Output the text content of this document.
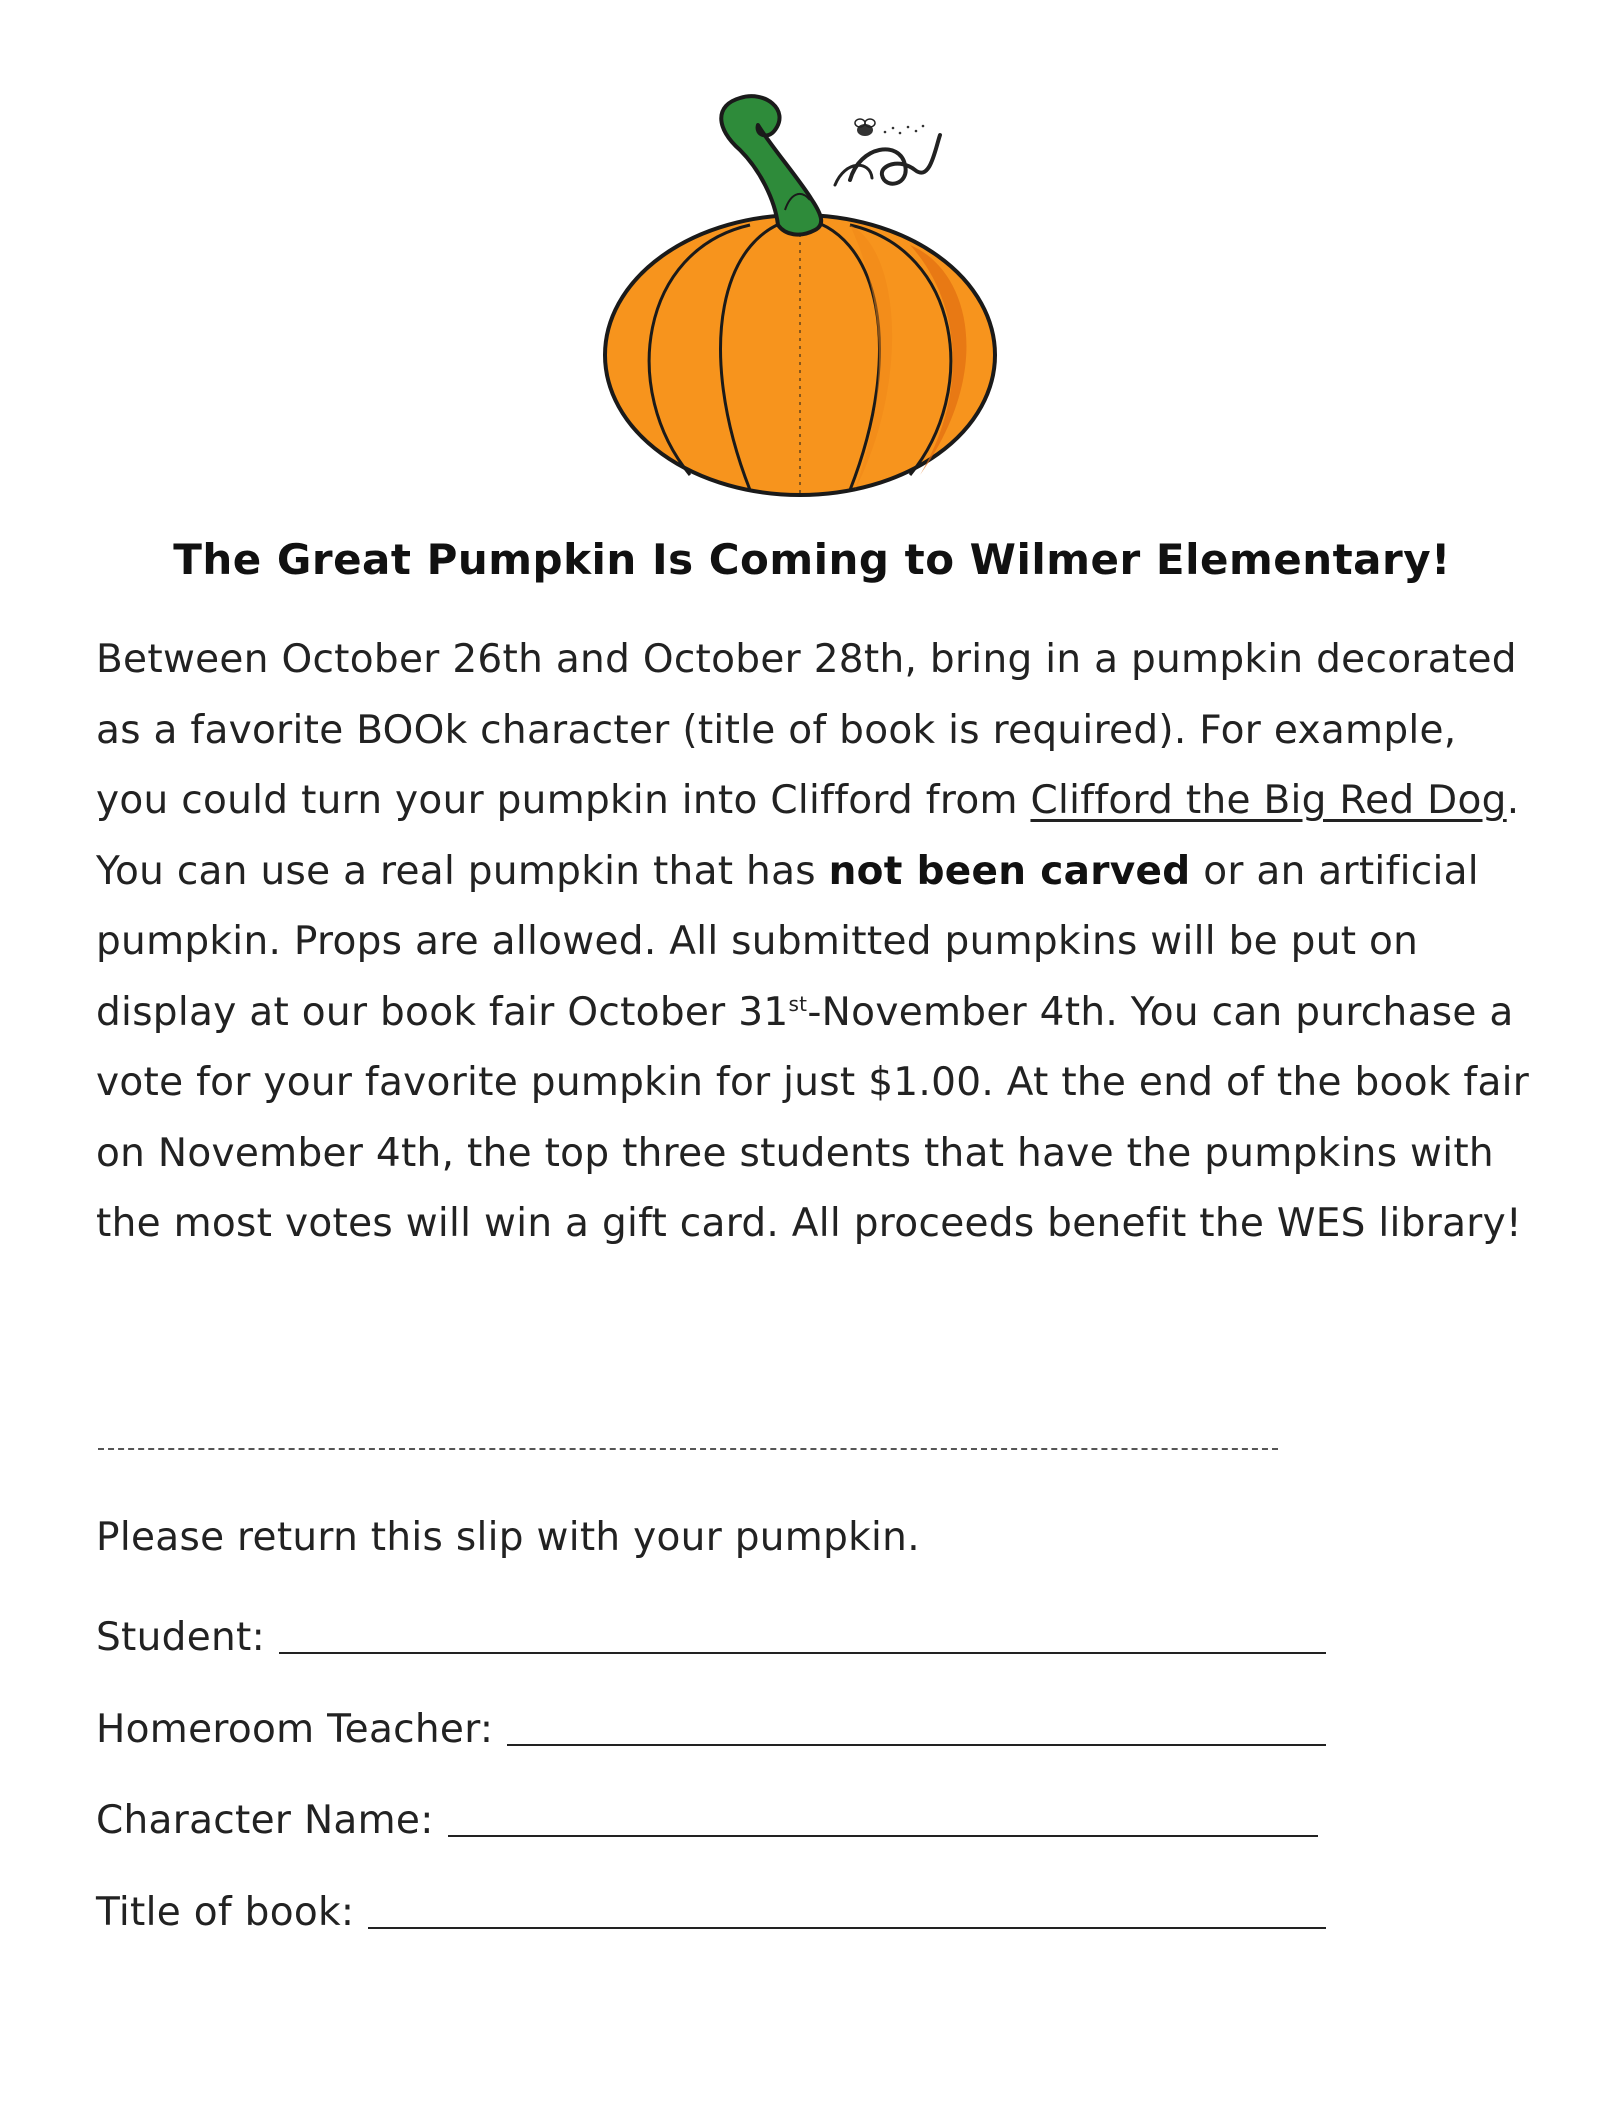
The Great Pumpkin Is Coming to Wilmer Elementary!

Between October 26th and October 28th, bring in a pumpkin decorated as a favorite BOOk character (title of book is required). For example, you could turn your pumpkin into Clifford from Clifford the Big Red Dog. You can use a real pumpkin that has not been carved or an artificial pumpkin. Props are allowed. All submitted pumpkins will be put on display at our book fair October 31st-November 4th. You can purchase a vote for your favorite pumpkin for just $1.00. At the end of the book fair on November 4th, the top three students that have the pumpkins with the most votes will win a gift card. All proceeds benefit the WES library!

Please return this slip with your pumpkin.

Student:
Homeroom Teacher:
Character Name:
Title of book:
